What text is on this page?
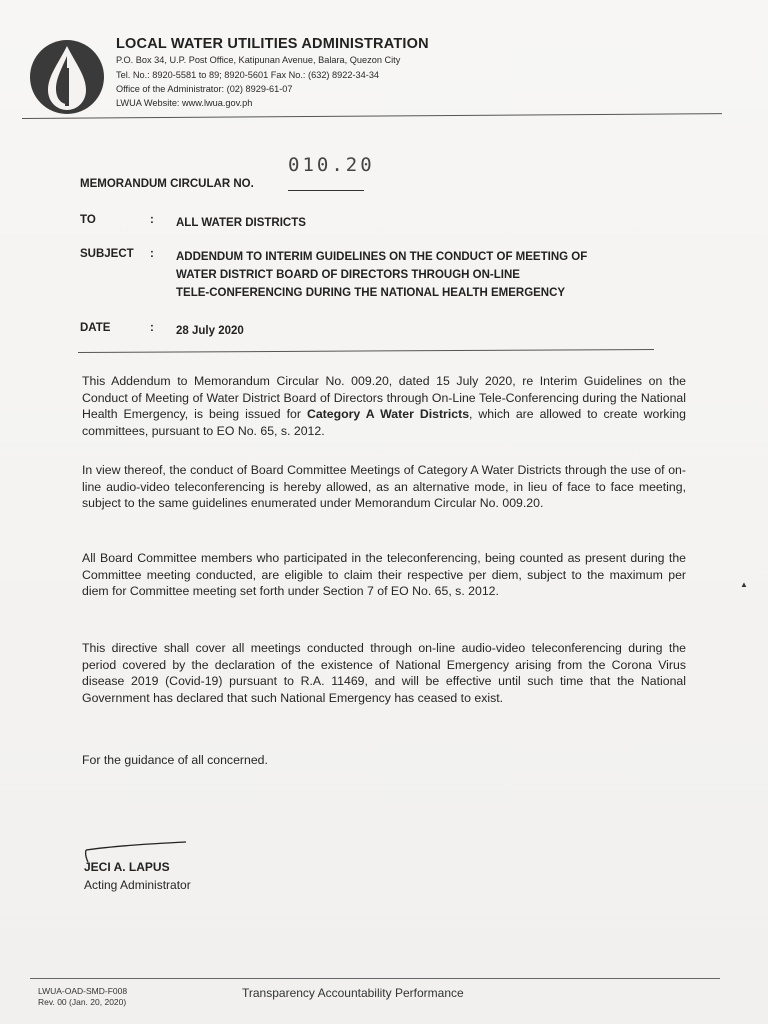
LOCAL WATER UTILITIES ADMINISTRATION
P.O. Box 34, U.P. Post Office, Katipunan Avenue, Balara, Quezon City
Tel. No.: 8920-5581 to 89; 8920-5601 Fax No.: (632) 8922-34-34
Office of the Administrator: (02) 8929-61-07
LWUA Website: www.lwua.gov.ph
010.20
MEMORANDUM CIRCULAR NO.
TO	: ALL WATER DISTRICTS
SUBJECT : ADDENDUM TO INTERIM GUIDELINES ON THE CONDUCT OF MEETING OF
WATER DISTRICT BOARD OF DIRECTORS THROUGH ON-LINE
TELE-CONFERENCING DURING THE NATIONAL HEALTH EMERGENCY
DATE	: 28 July 2020
This Addendum to Memorandum Circular No. 009.20, dated 15 July 2020, re Interim Guidelines on the Conduct of Meeting of Water District Board of Directors through On-Line Tele-Conferencing during the National Health Emergency, is being issued for Category A Water Districts, which are allowed to create working committees, pursuant to EO No. 65, s. 2012.
In view thereof, the conduct of Board Committee Meetings of Category A Water Districts through the use of on-line audio-video teleconferencing is hereby allowed, as an alternative mode, in lieu of face to face meeting, subject to the same guidelines enumerated under Memorandum Circular No. 009.20.
All Board Committee members who participated in the teleconferencing, being counted as present during the Committee meeting conducted, are eligible to claim their respective per diem, subject to the maximum per diem for Committee meeting set forth under Section 7 of EO No. 65, s. 2012.
This directive shall cover all meetings conducted through on-line audio-video teleconferencing during the period covered by the declaration of the existence of National Emergency arising from the Corona Virus disease 2019 (Covid-19) pursuant to R.A. 11469, and will be effective until such time that the National Government has declared that such National Emergency has ceased to exist.
For the guidance of all concerned.
▲
JECI A. LAPUS
Acting Administrator
LWUA-OAD-SMD-F008
Rev. 00 (Jan. 20, 2020)
Transparency Accountability Performance
